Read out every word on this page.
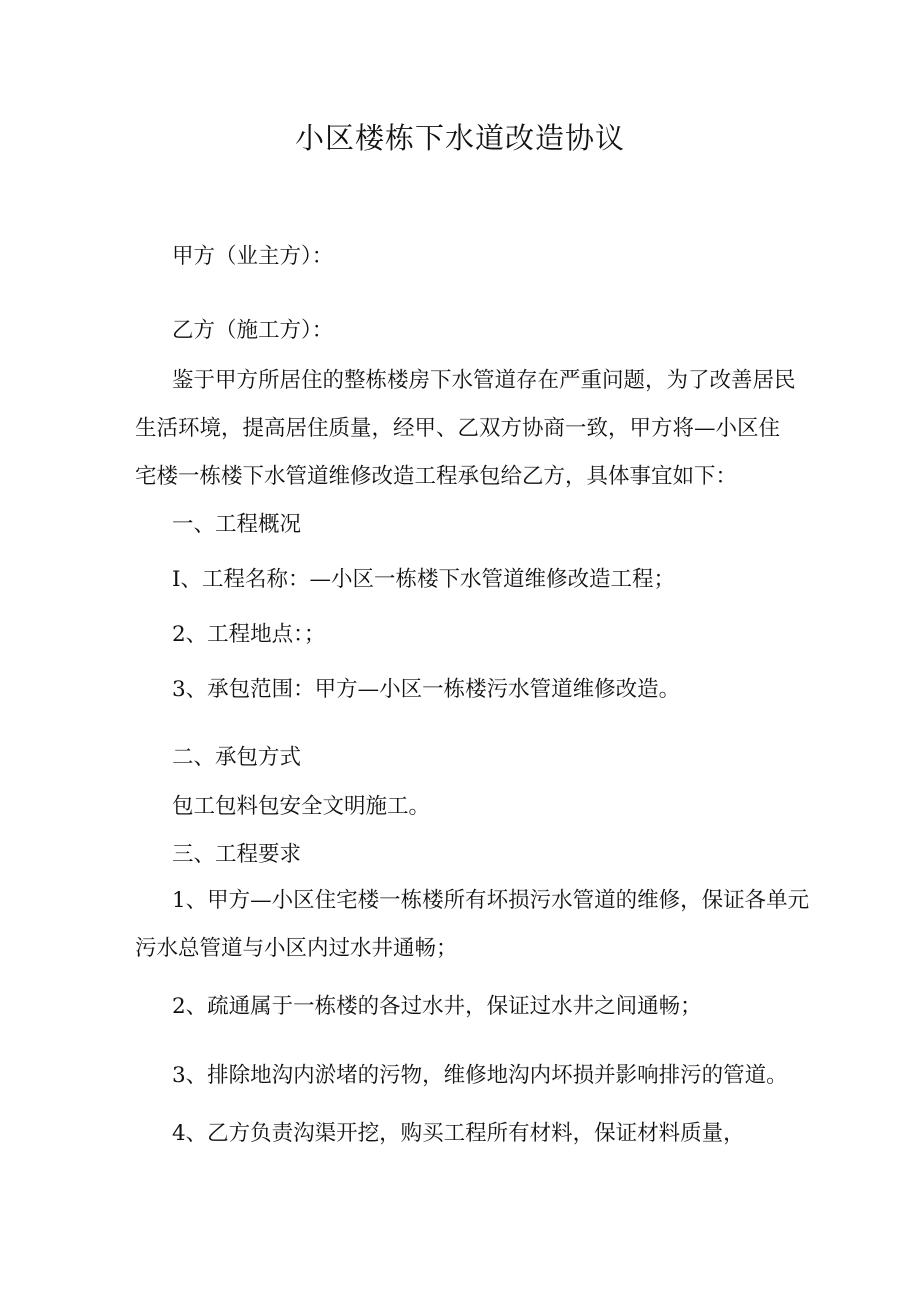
小区楼栋下水道改造协议
甲方（业主方）：
乙方（施工方）：
鉴于甲方所居住的整栋楼房下水管道存在严重问题，为了改善居民
生活环境，提高居住质量，经甲、乙双方协商一致，甲方将—小区住
宅楼一栋楼下水管道维修改造工程承包给乙方，具体事宜如下：
一、工程概况
I、工程名称：—小区一栋楼下水管道维修改造工程；
2、工程地点：；
3、承包范围：甲方—小区一栋楼污水管道维修改造。
二、承包方式
包工包料包安全文明施工。
三、工程要求
1、甲方—小区住宅楼一栋楼所有坏损污水管道的维修，保证各单元
污水总管道与小区内过水井通畅；
2、疏通属于一栋楼的各过水井，保证过水井之间通畅；
3、排除地沟内淤堵的污物，维修地沟内坏损并影响排污的管道。
4、乙方负责沟渠开挖，购买工程所有材料，保证材料质量，
